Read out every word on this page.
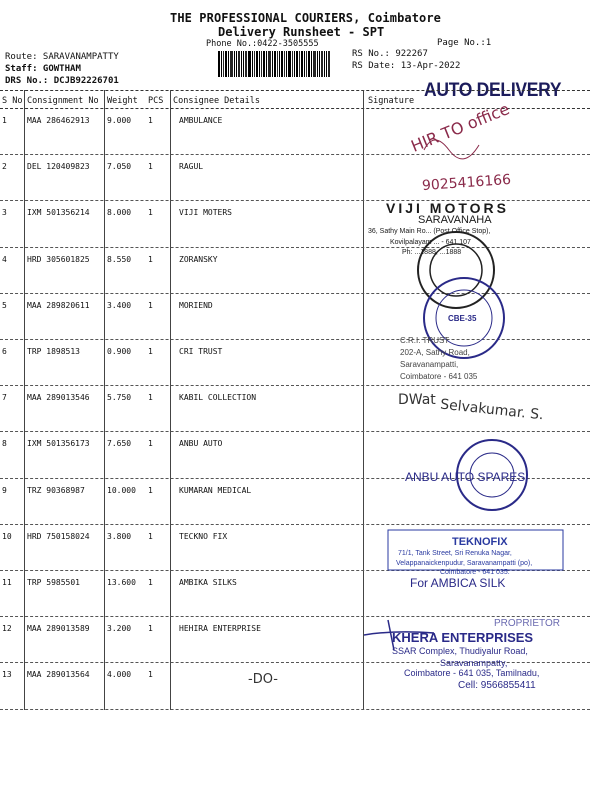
THE PROFESSIONAL COURIERS, Coimbatore
Delivery Runsheet - SPT
Phone No.:0422-3505555	Page No.:1
Route: SARAVANAMPATTY
Staff: GOWTHAM
DRS No.: DCJB92226701
RS No.: 922267
RS Date: 13-Apr-2022
AUTO DELIVERY
S No Consignment No Weight PCS Consignee Details	Signature
1	MAA 286462913 9.000 1	AMBULANCE
2	DEL 120409823 7.050 1	RAGUL
3	IXM 501356214 8.000 1	VIJI MOTERS
4	HRD 305601825 8.550 1	ZORANSKY
5	MAA 289820611 3.400 1	MORIEND
6	TRP 1898513	0.900 1	CRI TRUST
7	MAA 289013546 5.750 1	KABIL COLLECTION
8	IXM 501356173 7.650 1	ANBU AUTO
9	TRZ 90368987	10.000 1	KUMARAN MEDICAL
10 HRD 750158024 3.800 1	TECKNO FIX
11 TRP 5985501	13.600 1	AMBIKA SILKS
12 MAA 289013589 3.200 1	HEHIRA ENTERPRISE
13 MAA 289013564 4.000 1
HIR TO office
9025416166
VIJI MOTORS
SARAVANAHA
36, Sathy Main Ro... (Post Office Stop),
Kovilpalayam ... - 641 107
Ph: ...1888, ...1888
CBE-35
C.R.I. TRUST
202-A, Sathy Road,
Saravanampatti,
Coimbatore - 641 035
DWat Selvakumar. S.
ANBU AUTO SPARES
TEKNOFIX
71/1, Tank Street, Sri Renuka Nagar,
Velappanaickenpudur, Saravanampatti (po),
Coimbatore - 641 035.
For AMBICA SILK
PROPRIETOR
KHERA ENTERPRISES
SSAR Complex, Thudiyalur Road,
Saravanampatty,
Coimbatore - 641 035, Tamilnadu,
Cell: 9566855411
-DO-
